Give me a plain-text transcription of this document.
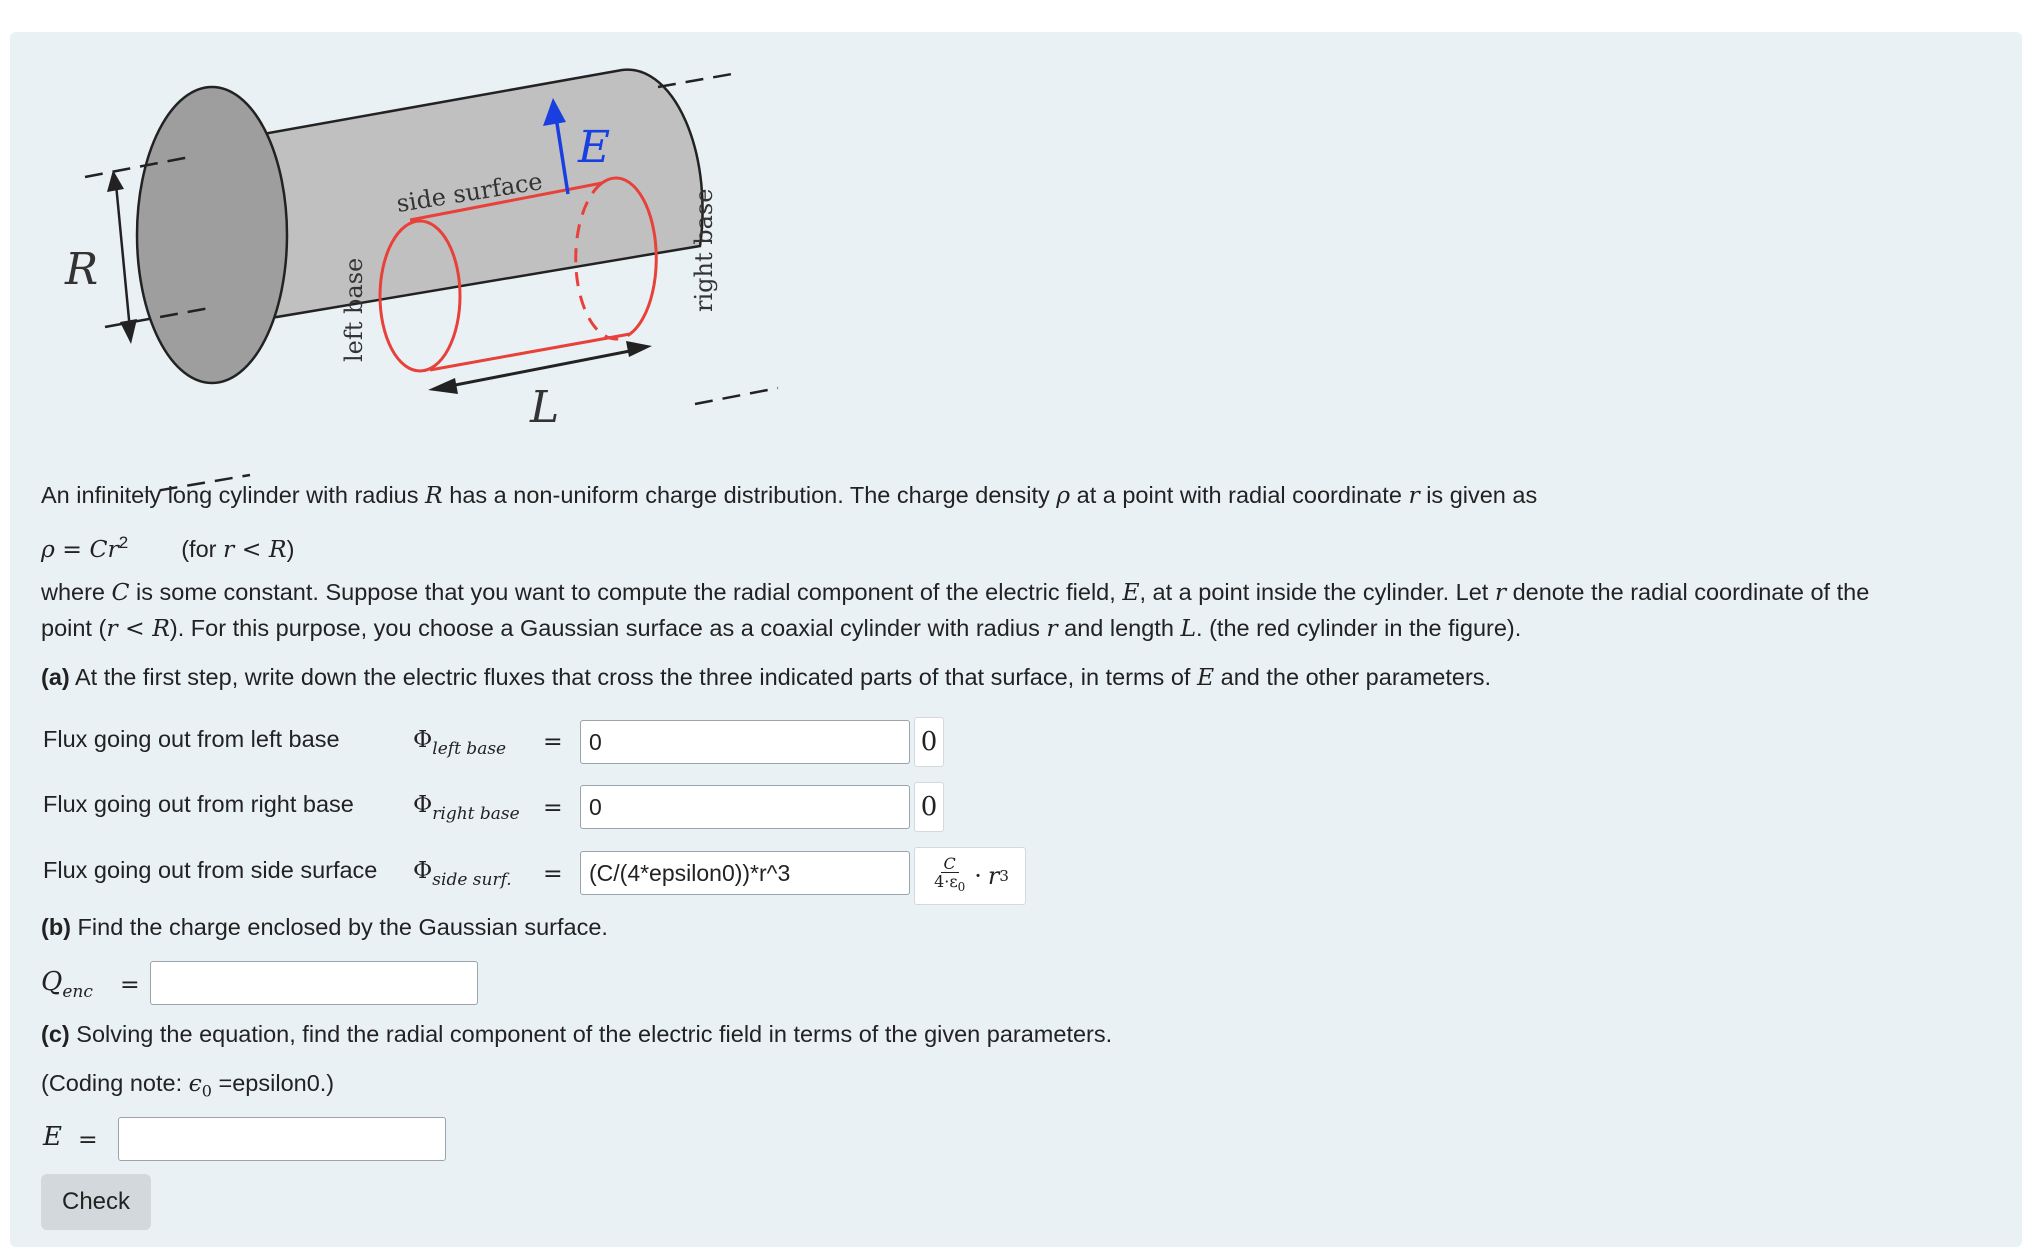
R
L
E
side surface
left base	right base
An infinitely long cylinder with radius R has a non-uniform charge distribution. The charge density ρ at a point with radial coordinate r is given as
$\rho = Cr^2$ (for r < R)
where C is some constant. Suppose that you want to compute the radial component of the electric field, E, at a point inside the cylinder. Let r denote the radial coordinate of the
point (r < R). For this purpose, you choose a Gaussian surface as a coaxial cylinder with radius r and length L. (the red cylinder in the figure).
(a) At the first step, write down the electric fluxes that cross the three indicated parts of that surface, in terms of E and the other parameters.
Flux going out from left base	$\Phi_{left base}$ =
0	0
Flux going out from right base	$\Phi_{right base}$ =
0	0
Flux going out from side surface $\Phi_{side surf.}$ =
(C/(4*epsilon0))*r^3	$\frac{C}{4\cdot\varepsilon_0} \cdot r$ 3
(b) Find the charge enclosed by the Gaussian surface.
$Q_{enc}$ =
(c) Solving the equation, find the radial component of the electric field in terms of the given parameters.
(Coding note: $\epsilon_0$ =epsilon0.)
E =
Check
